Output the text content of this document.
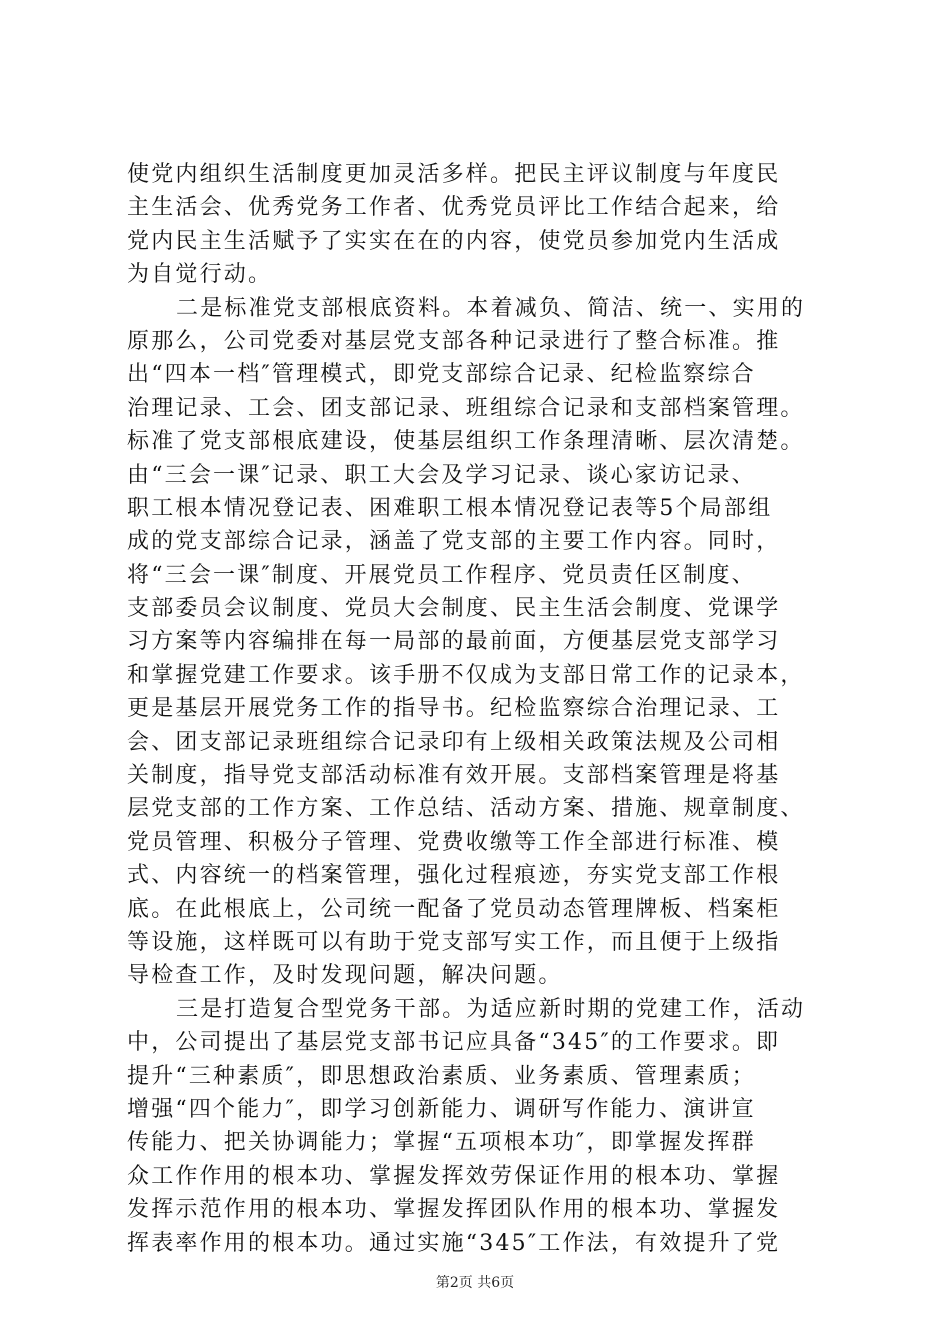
使党内组织生活制度更加灵活多样。把民主评议制度与年度民
主生活会、优秀党务工作者、优秀党员评比工作结合起来，给
党内民主生活赋予了实实在在的内容，使党员参加党内生活成
为自觉行动。
二是标准党支部根底资料。本着减负、简洁、统一、实用的
原那么，公司党委对基层党支部各种记录进行了整合标准。推
出“四本一档″管理模式，即党支部综合记录、纪检监察综合
治理记录、工会、团支部记录、班组综合记录和支部档案管理。
标准了党支部根底建设，使基层组织工作条理清晰、层次清楚。
由“三会一课″记录、职工大会及学习记录、谈心家访记录、
职工根本情况登记表、困难职工根本情况登记表等5个局部组
成的党支部综合记录，涵盖了党支部的主要工作内容。同时，
将“三会一课″制度、开展党员工作程序、党员责任区制度、
支部委员会议制度、党员大会制度、民主生活会制度、党课学
习方案等内容编排在每一局部的最前面，方便基层党支部学习
和掌握党建工作要求。该手册不仅成为支部日常工作的记录本，
更是基层开展党务工作的指导书。纪检监察综合治理记录、工
会、团支部记录班组综合记录印有上级相关政策法规及公司相
关制度，指导党支部活动标准有效开展。支部档案管理是将基
层党支部的工作方案、工作总结、活动方案、措施、规章制度、
党员管理、积极分子管理、党费收缴等工作全部进行标准、模
式、内容统一的档案管理，强化过程痕迹，夯实党支部工作根
底。在此根底上，公司统一配备了党员动态管理牌板、档案柜
等设施，这样既可以有助于党支部写实工作，而且便于上级指
导检查工作，及时发现问题，解决问题。
三是打造复合型党务干部。为适应新时期的党建工作，活动
中，公司提出了基层党支部书记应具备“345″的工作要求。即
提升“三种素质″，即思想政治素质、业务素质、管理素质；
增强“四个能力″，即学习创新能力、调研写作能力、演讲宣
传能力、把关协调能力；掌握“五项根本功″，即掌握发挥群
众工作作用的根本功、掌握发挥效劳保证作用的根本功、掌握
发挥示范作用的根本功、掌握发挥团队作用的根本功、掌握发
挥表率作用的根本功。通过实施“345″工作法，有效提升了党
第2页 共6页
